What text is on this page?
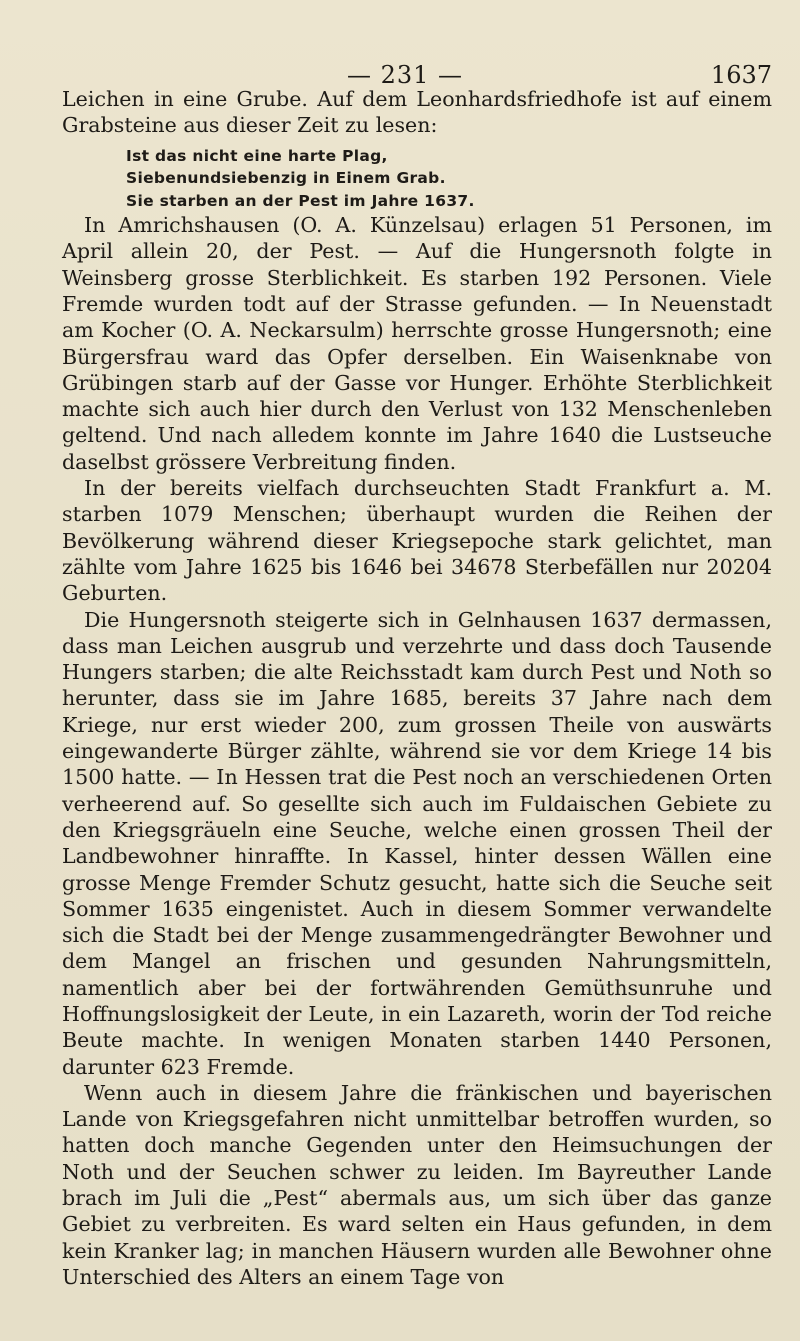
— 231 —	1637

Leichen in eine Grube. Auf dem Leonhardsfriedhofe ist auf einem Grabsteine aus dieser Zeit zu lesen:

Ist das nicht eine harte Plag,
Siebenundsiebenzig in Einem Grab.
Sie starben an der Pest im Jahre 1637.

In Amrichshausen (O. A. Künzelsau) erlagen 51 Personen, im April allein 20, der Pest. — Auf die Hungersnoth folgte in Weinsberg grosse Sterblichkeit. Es starben 192 Personen. Viele Fremde wurden todt auf der Strasse gefunden. — In Neuenstadt am Kocher (O. A. Neckarsulm) herrschte grosse Hungersnoth; eine Bürgersfrau ward das Opfer derselben. Ein Waisenknabe von Grübingen starb auf der Gasse vor Hunger. Erhöhte Sterblichkeit machte sich auch hier durch den Verlust von 132 Menschenleben geltend. Und nach alledem konnte im Jahre 1640 die Lustseuche daselbst grössere Verbreitung finden.

In der bereits vielfach durchseuchten Stadt Frankfurt a. M. starben 1079 Menschen; überhaupt wurden die Reihen der Bevölkerung während dieser Kriegsepoche stark gelichtet, man zählte vom Jahre 1625 bis 1646 bei 34678 Sterbefällen nur 20204 Geburten.

Die Hungersnoth steigerte sich in Gelnhausen 1637 dermassen, dass man Leichen ausgrub und verzehrte und dass doch Tausende Hungers starben; die alte Reichsstadt kam durch Pest und Noth so herunter, dass sie im Jahre 1685, bereits 37 Jahre nach dem Kriege, nur erst wieder 200, zum grossen Theile von auswärts eingewanderte Bürger zählte, während sie vor dem Kriege 14 bis 1500 hatte. — In Hessen trat die Pest noch an verschiedenen Orten verheerend auf. So gesellte sich auch im Fuldaischen Gebiete zu den Kriegsgräueln eine Seuche, welche einen grossen Theil der Landbewohner hinraffte. In Kassel, hinter dessen Wällen eine grosse Menge Fremder Schutz gesucht, hatte sich die Seuche seit Sommer 1635 eingenistet. Auch in diesem Sommer verwandelte sich die Stadt bei der Menge zusammengedrängter Bewohner und dem Mangel an frischen und gesunden Nahrungsmitteln, namentlich aber bei der fortwährenden Gemüthsunruhe und Hoffnungslosigkeit der Leute, in ein Lazareth, worin der Tod reiche Beute machte. In wenigen Monaten starben 1440 Personen, darunter 623 Fremde.

Wenn auch in diesem Jahre die fränkischen und bayerischen Lande von Kriegsgefahren nicht unmittelbar betroffen wurden, so hatten doch manche Gegenden unter den Heimsuchungen der Noth und der Seuchen schwer zu leiden. Im Bayreuther Lande brach im Juli die „Pest“ abermals aus, um sich über das ganze Gebiet zu verbreiten. Es ward selten ein Haus gefunden, in dem kein Kranker lag; in manchen Häusern wurden alle Bewohner ohne Unterschied des Alters an einem Tage von
